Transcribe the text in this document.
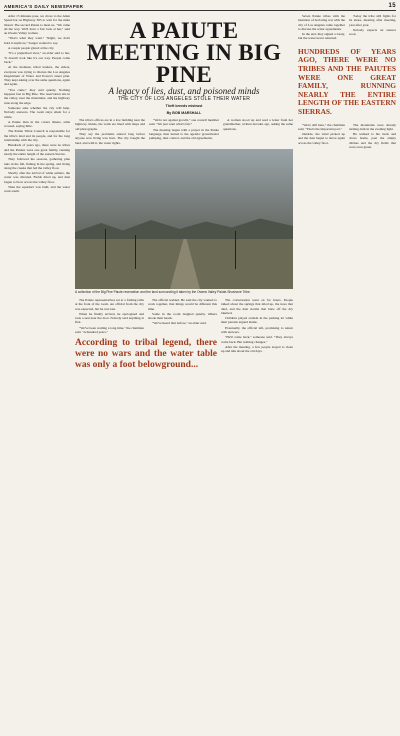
AMERICA'S DAILY NEWSPAPER	15

After 15 minutes pass, we drove to the Alien Speed bar on Highway 395 to wait for the main thread. The second Paiute to meet us. "We came all the way. We'll have a fair look at her," said an Owens Valley woman.

"That's what they want." "Right, we don't hold it anymore," Sanger wanted to say.

A couple people glared at the city.

"It's a prejudiced view," an elder said to her, "it doesn't look like it's our way. People come back."

At the moment, tribal leaders, the elders, everyone was trying to discuss the Los Angeles Department of Water and Power's latest plan. They kept asking over the same questions, again and again.

"You came," they said quietly. Nothing happens fast in Big Pine. The reservation sits in the valley, near the mountains, and the highway runs along the edge.

Someone asks whether the city will help. Nobody answers. The room stays silent for a while.

A Paiute man in the corner listens, arms crossed, saying little.

The Paiute Tribal Council is responsible for the tribe's land and its people, and for the long relationship with the city.

Hundreds of years ago, there were no tribes and the Paiutes were one great family, running nearly the entire length of the eastern Sierras.

They followed the seasons, gathering pine nuts in the fall, fishing in the spring, and living along the creeks that fed the valley floor.

Shortly after the arrival of white settlers, the water was diverted. Fields dried up, and dust began to blow across the valley floor.

Then the aqueduct was built, and the water went south.

A PAIUTE MEETING IN BIG PINE
A legacy of lies, dust, and poisoned minds
THE CITY OF LOS ANGELES STOLE THEIR WATER
Theft breeds mistrust
By BOB MARSHALL

The tribe's offices are in a low building near the highway. Inside, the walls are lined with maps and old photographs.

They say the problems started long before anyone now living was born. The city bought the land, and with it, the water rights.

"We're not against growth," one council member said. "We just want what's fair."

The meeting began with a prayer in the Paiute language, then turned to the agenda: groundwater pumping, dust control, and the old agreements.

A woman stood up and read a letter from her grandmother, written decades ago, asking the same questions.

A collection of the Big Pine Paiute reservation and the land surrounding it taken by the Owens Valley Paiute-Shoshone Tribe.

The Paiute representatives sat at a folding table at the front of the room. An official from the city was expected, but he was late.

When he finally arrived, he apologized and took a seat near the door. Nobody said anything at first.

"We've been waiting a long time," the chairman said. "A hundred years."

The official nodded. He said the city wanted to work together, that things would be different this time.

Some in the room laughed quietly. Others shook their heads.

"We've heard that before," an elder said.

According to tribal legend, there were no wars and the water table was only a foot belowground...

The conversation went on for hours. People talked about the springs that dried up, the trees that died, and the dust storms that blew off the dry lakebed.

Children played outside in the parking lot while their parents argued inside.

Eventually, the official left, promising to return with answers.

"He'll come back," someone said. "They always come back. But nothing changes."

After the meeting, a few people stayed to clean up and talk about the old days.

Seven Paiute tribes with the intention of declaring war with the city of Los Angeles came together to discuss the water agreements.

In the end, they signed a treaty, but the water never returned.

Today the tribe still fights for its share, meeting after meeting, year after year.

Nobody expects an answer soon.

HUNDREDS OF YEARS AGO, THERE WERE NO TRIBES AND THE PAIUTES WERE ONE GREAT FAMILY, RUNNING NEARLY THE ENTIRE LENGTH OF THE EASTERN SIERRAS.

"We're still here," the chairman said. "That's the important part."

Outside, the wind picked up and the dust began to move again across the valley floor.

The mountains were already turning dark in the evening light.

He walked to his truck and drove home, past the empty ditches and the dry fields that were once green.
